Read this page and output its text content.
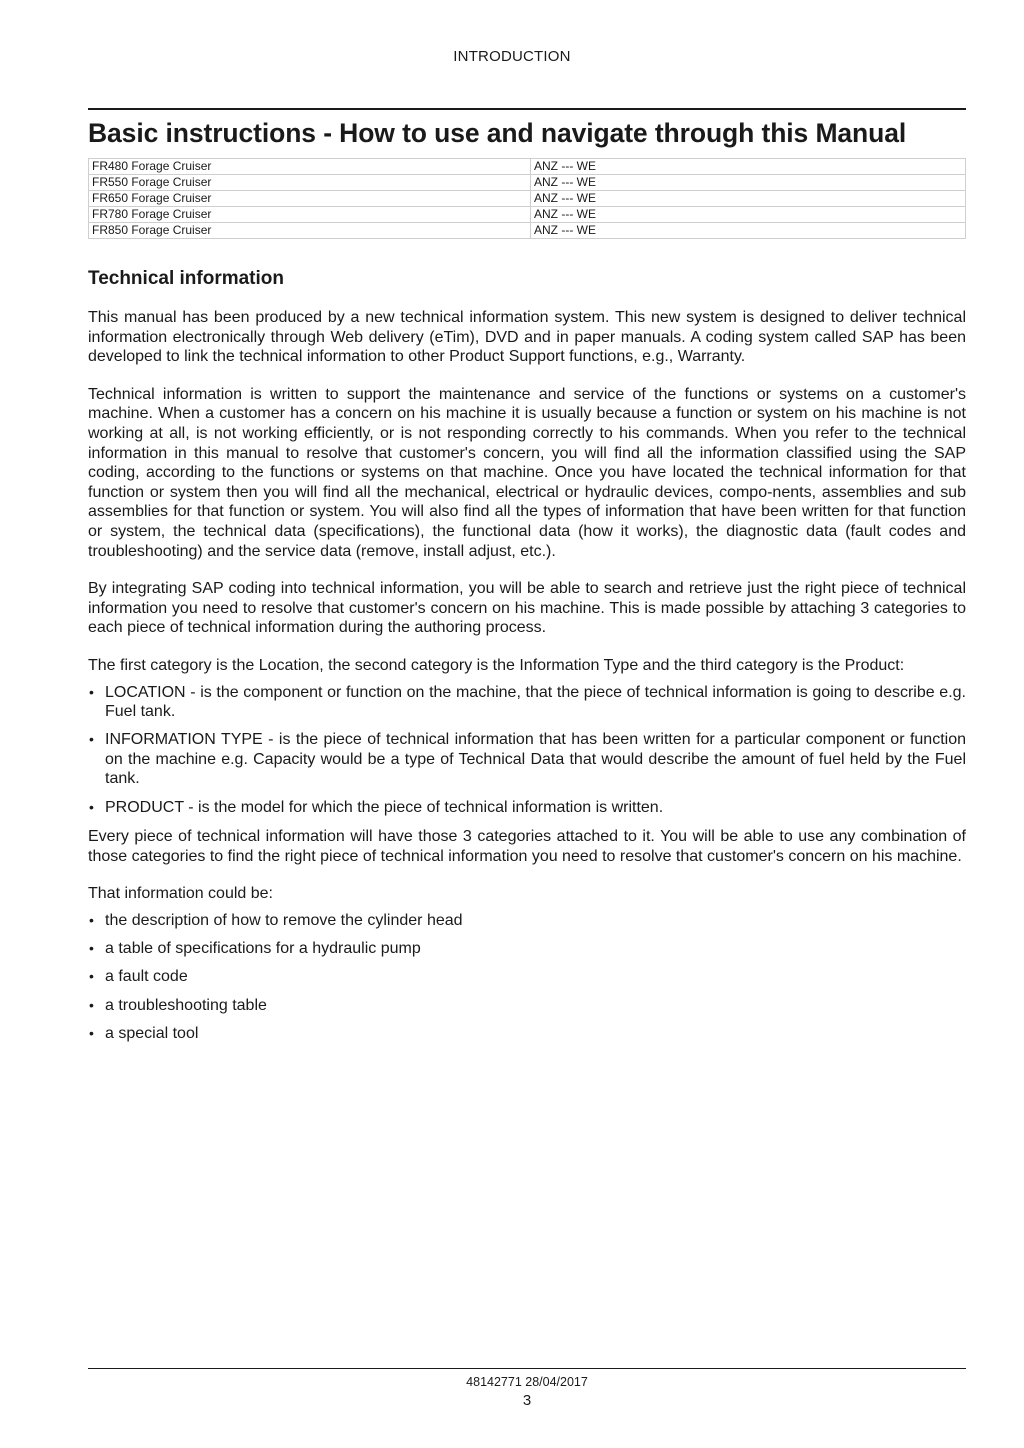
INTRODUCTION
Basic instructions - How to use and navigate through this Manual
FR480 Forage Cruiser	ANZ --- WE
FR550 Forage Cruiser	ANZ --- WE
FR650 Forage Cruiser	ANZ --- WE
FR780 Forage Cruiser	ANZ --- WE
FR850 Forage Cruiser	ANZ --- WE
Technical information

This manual has been produced by a new technical information system. This new system is designed to deliver technical information electronically through Web delivery (eTim), DVD and in paper manuals. A coding system called SAP has been developed to link the technical information to other Product Support functions, e.g., Warranty.

Technical information is written to support the maintenance and service of the functions or systems on a customer's machine. When a customer has a concern on his machine it is usually because a function or system on his machine is not working at all, is not working efficiently, or is not responding correctly to his commands. When you refer to the technical information in this manual to resolve that customer's concern, you will find all the information classified using the SAP coding, according to the functions or systems on that machine. Once you have located the technical information for that function or system then you will find all the mechanical, electrical or hydraulic devices, compo-nents, assemblies and sub assemblies for that function or system. You will also find all the types of information that have been written for that function or system, the technical data (specifications), the functional data (how it works), the diagnostic data (fault codes and troubleshooting) and the service data (remove, install adjust, etc.).

By integrating SAP coding into technical information, you will be able to search and retrieve just the right piece of technical information you need to resolve that customer's concern on his machine. This is made possible by attaching 3 categories to each piece of technical information during the authoring process.

The first category is the Location, the second category is the Information Type and the third category is the Product:

• LOCATION - is the component or function on the machine, that the piece of technical information is going to describe e.g. Fuel tank.
• INFORMATION TYPE - is the piece of technical information that has been written for a particular component or function on the machine e.g. Capacity would be a type of Technical Data that would describe the amount of fuel held by the Fuel tank.
• PRODUCT - is the model for which the piece of technical information is written.

Every piece of technical information will have those 3 categories attached to it. You will be able to use any combination of those categories to find the right piece of technical information you need to resolve that customer's concern on his machine.

That information could be:

• the description of how to remove the cylinder head
• a table of specifications for a hydraulic pump
• a fault code
• a troubleshooting table
• a special tool
48142771 28/04/2017
3
